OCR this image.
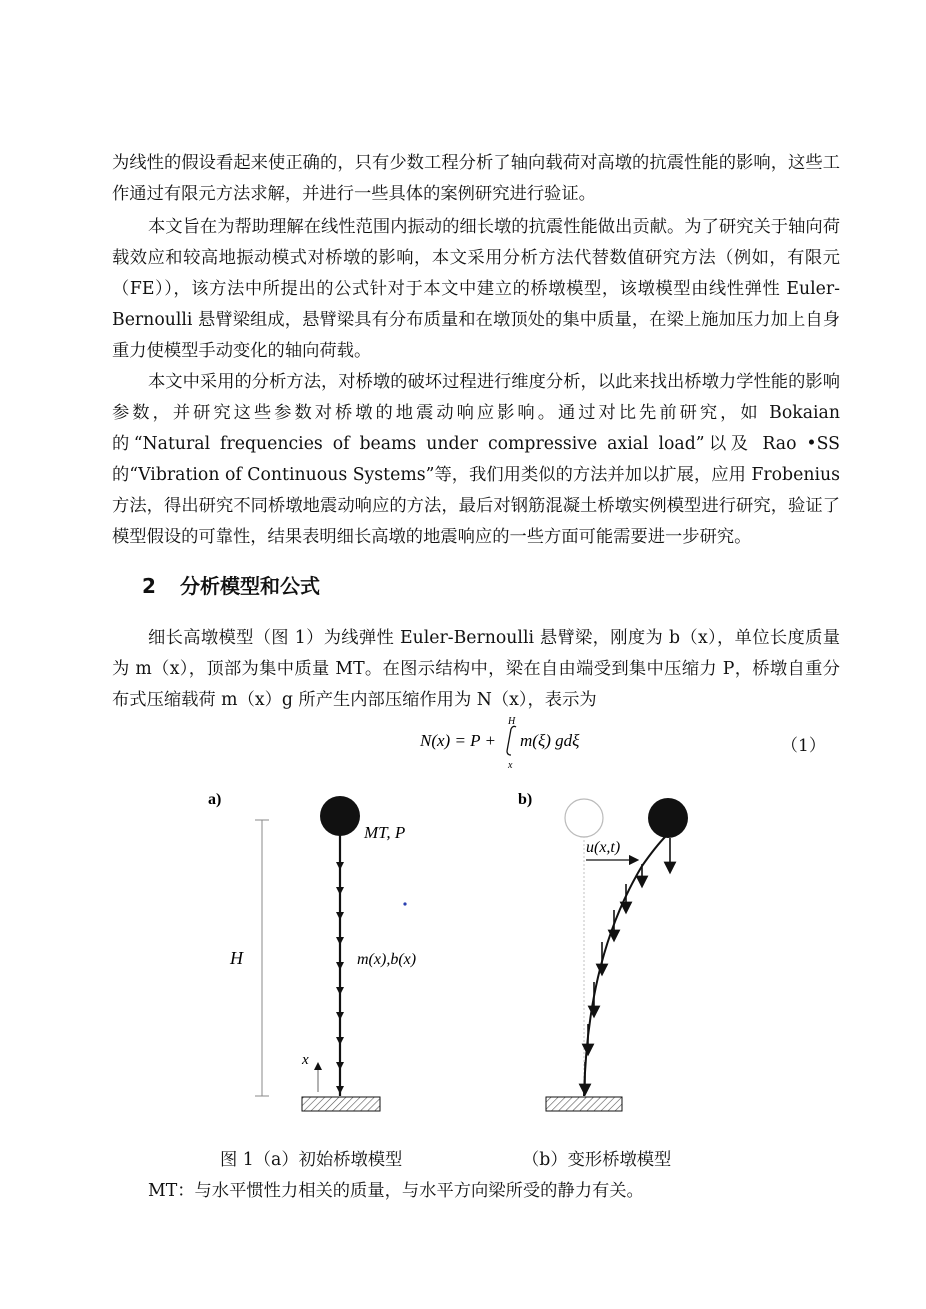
为线性的假设看起来使正确的，只有少数工程分析了轴向载荷对高墩的抗震性能的影响，这些工作通过有限元方法求解，并进行一些具体的案例研究进行验证。

本文旨在为帮助理解在线性范围内振动的细长墩的抗震性能做出贡献。为了研究关于轴向荷载效应和较高地振动模式对桥墩的影响，本文采用分析方法代替数值研究方法（例如，有限元（FE）），该方法中所提出的公式针对于本文中建立的桥墩模型，该墩模型由线性弹性 Euler-Bernoulli 悬臂梁组成，悬臂梁具有分布质量和在墩顶处的集中质量，在梁上施加压力加上自身重力使模型手动变化的轴向荷载。

本文中采用的分析方法，对桥墩的破坏过程进行维度分析，以此来找出桥墩力学性能的影响参数，并研究这些参数对桥墩的地震动响应影响。通过对比先前研究，如 Bokaian 的“Natural frequencies of beams under compressive axial load”以及 Rao •SS 的“Vibration of Continuous Systems”等，我们用类似的方法并加以扩展，应用 Frobenius 方法，得出研究不同桥墩地震动响应的方法，最后对钢筋混凝土桥墩实例模型进行研究，验证了模型假设的可靠性，结果表明细长高墩的地震响应的一些方面可能需要进一步研究。

2 分析模型和公式

细长高墩模型（图 1）为线弹性 Euler-Bernoulli 悬臂梁，刚度为 b（x），单位长度质量为 m（x），顶部为集中质量 MT。在图示结构中，梁在自由端受到集中压缩力 P，桥墩自重分布式压缩载荷 m（x）g 所产生内部压缩作用为 N（x），表示为

N(x) = P +
H
x
m(ξ) gdξ	（1）
a)
MT, P
m(x),b(x)
H
x
b)
u(x,t)

图 1（a）初始桥墩模型	（b）变形桥墩模型

MT：与水平惯性力相关的质量，与水平方向梁所受的静力有关。
